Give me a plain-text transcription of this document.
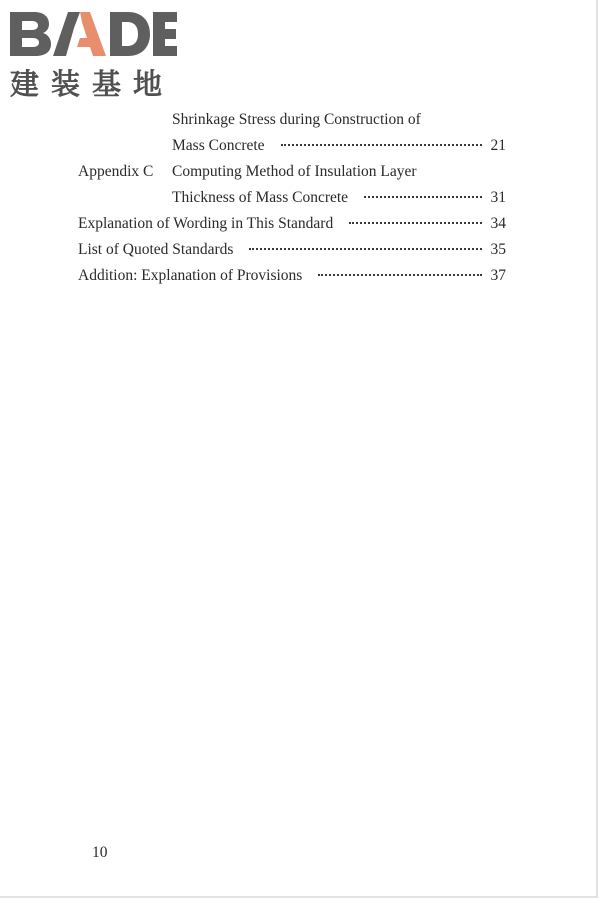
建装基地
Shrinkage Stress during Construction of
Mass Concrete	21
Appendix C Computing Method of Insulation Layer
Thickness of Mass Concrete	31
Explanation of Wording in This Standard	34
List of Quoted Standards	35
Addition: Explanation of Provisions	37
10
